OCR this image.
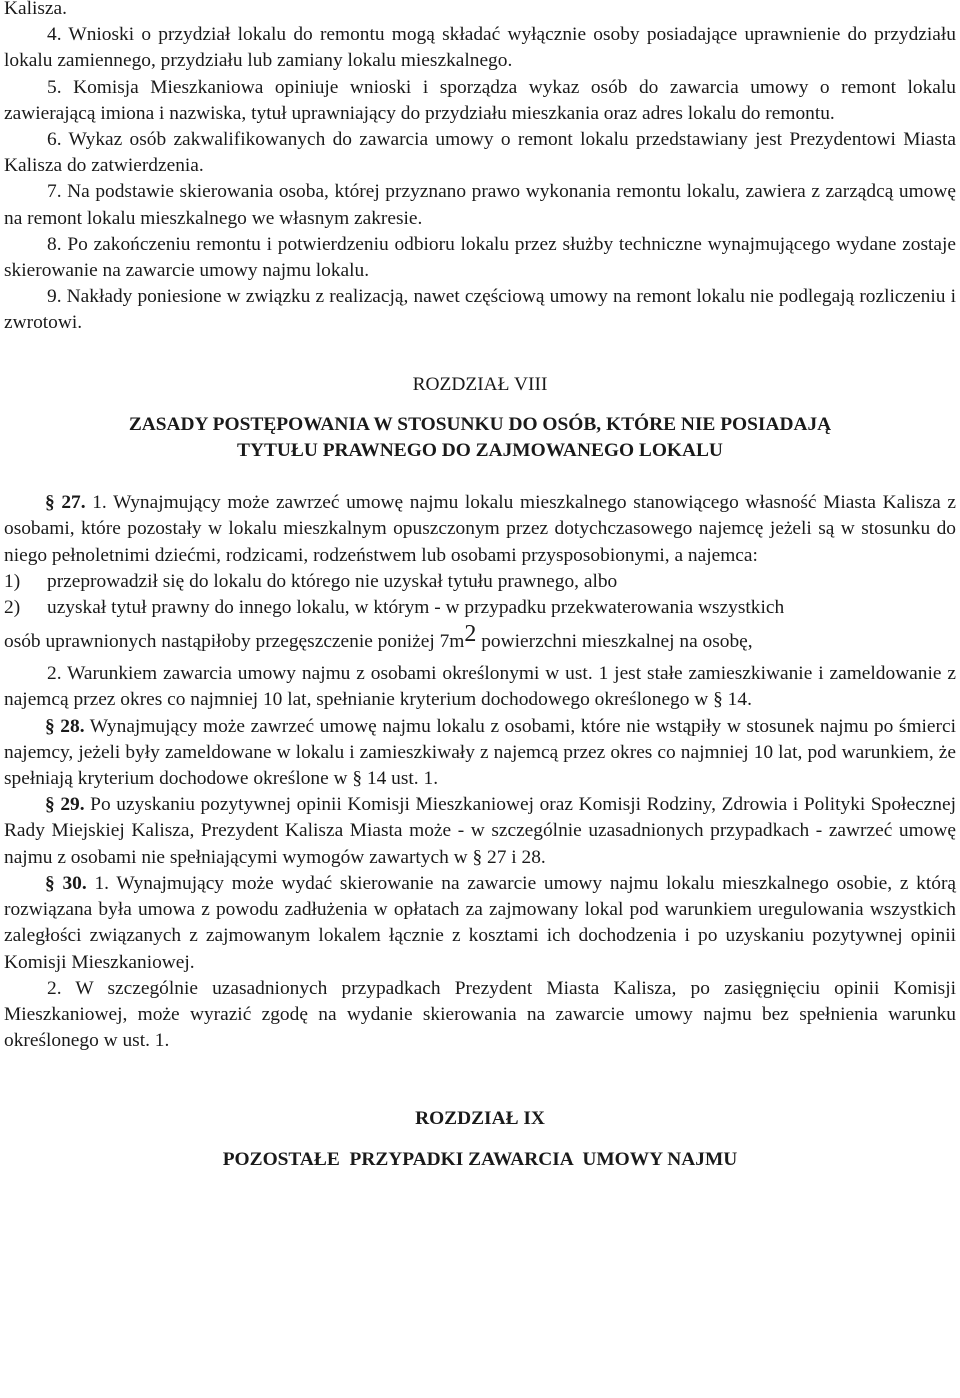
Kalisza.

4. Wnioski o przydział lokalu do remontu mogą składać wyłącznie osoby posiadające uprawnienie do przydziału lokalu zamiennego, przydziału lub zamiany lokalu mieszkalnego.

5. Komisja Mieszkaniowa opiniuje wnioski i sporządza wykaz osób do zawarcia umowy o remont lokalu zawierającą imiona i nazwiska, tytuł uprawniający do przydziału mieszkania oraz adres lokalu do remontu.

6. Wykaz osób zakwalifikowanych do zawarcia umowy o remont lokalu przedstawiany jest Prezydentowi Miasta Kalisza do zatwierdzenia.

7. Na podstawie skierowania osoba, której przyznano prawo wykonania remontu lokalu, zawiera z zarządcą umowę na remont lokalu mieszkalnego we własnym zakresie.

8. Po zakończeniu remontu i potwierdzeniu odbioru lokalu przez służby techniczne wynajmującego wydane zostaje skierowanie na zawarcie umowy najmu lokalu.

9. Nakłady poniesione w związku z realizacją, nawet częściową umowy na remont lokalu nie podlegają rozliczeniu i zwrotowi.

ROZDZIAŁ VIII

ZASADY POSTĘPOWANIA W STOSUNKU DO OSÓB, KTÓRE NIE POSIADAJĄ

TYTUŁU PRAWNEGO DO ZAJMOWANEGO LOKALU

§ 27. 1. Wynajmujący może zawrzeć umowę najmu lokalu mieszkalnego stanowiącego własność Miasta Kalisza z osobami, które pozostały w lokalu mieszkalnym opuszczonym przez dotychczasowego najemcę jeżeli są w stosunku do niego pełnoletnimi dziećmi, rodzicami, rodzeństwem lub osobami przysposobionymi, a najemca:

1) przeprowadził się do lokalu do którego nie uzyskał tytułu prawnego, albo

2) uzyskał tytuł prawny do innego lokalu, w którym - w przypadku przekwaterowania wszystkich

osób uprawnionych nastąpiłoby przegęszczenie poniżej 7m2 powierzchni mieszkalnej na osobę,

2. Warunkiem zawarcia umowy najmu z osobami określonymi w ust. 1 jest stałe zamieszkiwanie i zameldowanie z najemcą przez okres co najmniej 10 lat, spełnianie kryterium dochodowego określonego w § 14.

§ 28. Wynajmujący może zawrzeć umowę najmu lokalu z osobami, które nie wstąpiły w stosunek najmu po śmierci najemcy, jeżeli były zameldowane w lokalu i zamieszkiwały z najemcą przez okres co najmniej 10 lat, pod warunkiem, że spełniają kryterium dochodowe określone w § 14 ust. 1.

§ 29. Po uzyskaniu pozytywnej opinii Komisji Mieszkaniowej oraz Komisji Rodziny, Zdrowia i Polityki Społecznej Rady Miejskiej Kalisza, Prezydent Kalisza Miasta może - w szczególnie uzasadnionych przypadkach - zawrzeć umowę najmu z osobami nie spełniającymi wymogów zawartych w § 27 i 28.

§ 30. 1. Wynajmujący może wydać skierowanie na zawarcie umowy najmu lokalu mieszkalnego osobie, z którą rozwiązana była umowa z powodu zadłużenia w opłatach za zajmowany lokal pod warunkiem uregulowania wszystkich zaległości związanych z zajmowanym lokalem łącznie z kosztami ich dochodzenia i po uzyskaniu pozytywnej opinii Komisji Mieszkaniowej.

2. W szczególnie uzasadnionych przypadkach Prezydent Miasta Kalisza, po zasięgnięciu opinii Komisji Mieszkaniowej, może wyrazić zgodę na wydanie skierowania na zawarcie umowy najmu bez spełnienia warunku określonego w ust. 1.

ROZDZIAŁ IX

POZOSTAŁE  PRZYPADKI ZAWARCIA  UMOWY NAJMU
